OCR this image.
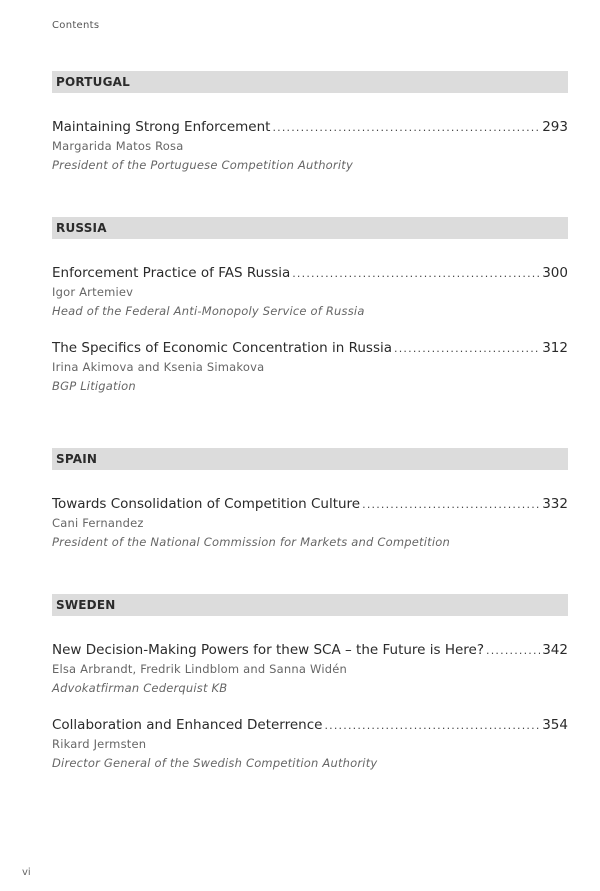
Contents
PORTUGAL
Maintaining Strong Enforcement .....	293
Margarida Matos Rosa
President of the Portuguese Competition Authority
RUSSIA
Enforcement Practice of FAS Russia .....	300
Igor Artemiev
Head of the Federal Anti-Monopoly Service of Russia
The Specifics of Economic Concentration in Russia .....	312
Irina Akimova and Ksenia Simakova
BGP Litigation
SPAIN
Towards Consolidation of Competition Culture .....	332
Cani Fernandez
President of the National Commission for Markets and Competition
SWEDEN
New Decision-Making Powers for thew SCA – the Future is Here? .....	342
Elsa Arbrandt, Fredrik Lindblom and Sanna Widén
Advokatfirman Cederquist KB
Collaboration and Enhanced Deterrence .....	354
Rikard Jermsten
Director General of the Swedish Competition Authority
vi
